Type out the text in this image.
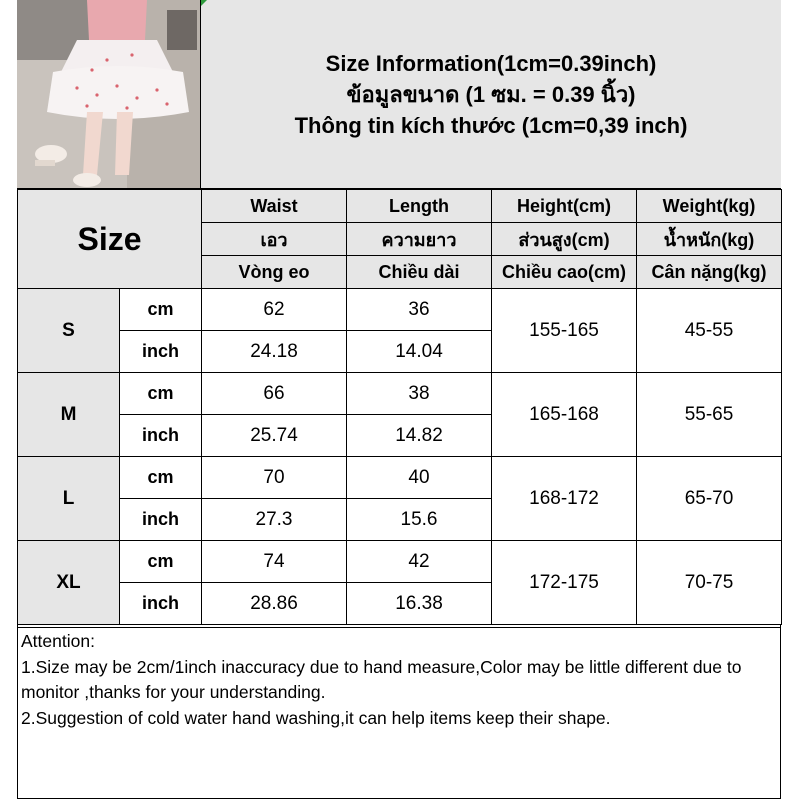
Size Information(1cm=0.39inch)
ข้อมูลขนาด (1 ซม. = 0.39 นิ้ว)
Thông tin kích thước (1cm=0,39 inch)
Size		Waist	Length	Height(cm)	Weight(kg)
		เอว	ความยาว	ส่วนสูง(cm)	น้ำหนัก(kg)
		Vòng eo	Chiều dài	Chiều cao(cm)	Cân nặng(kg)
S	cm	62	36	155-165	45-55
	inch	24.18	14.04		
M	cm	66	38	165-168	55-65
	inch	25.74	14.82		
L	cm	70	40	168-172	65-70
	inch	27.3	15.6		
XL	cm	74	42	172-175	70-75
	inch	28.86	16.38		
Attention:
1.Size may be 2cm/1inch inaccuracy due to hand measure,Color may be little different due to monitor ,thanks for your understanding.
2.Suggestion of cold water hand washing,it can help items keep their shape.
